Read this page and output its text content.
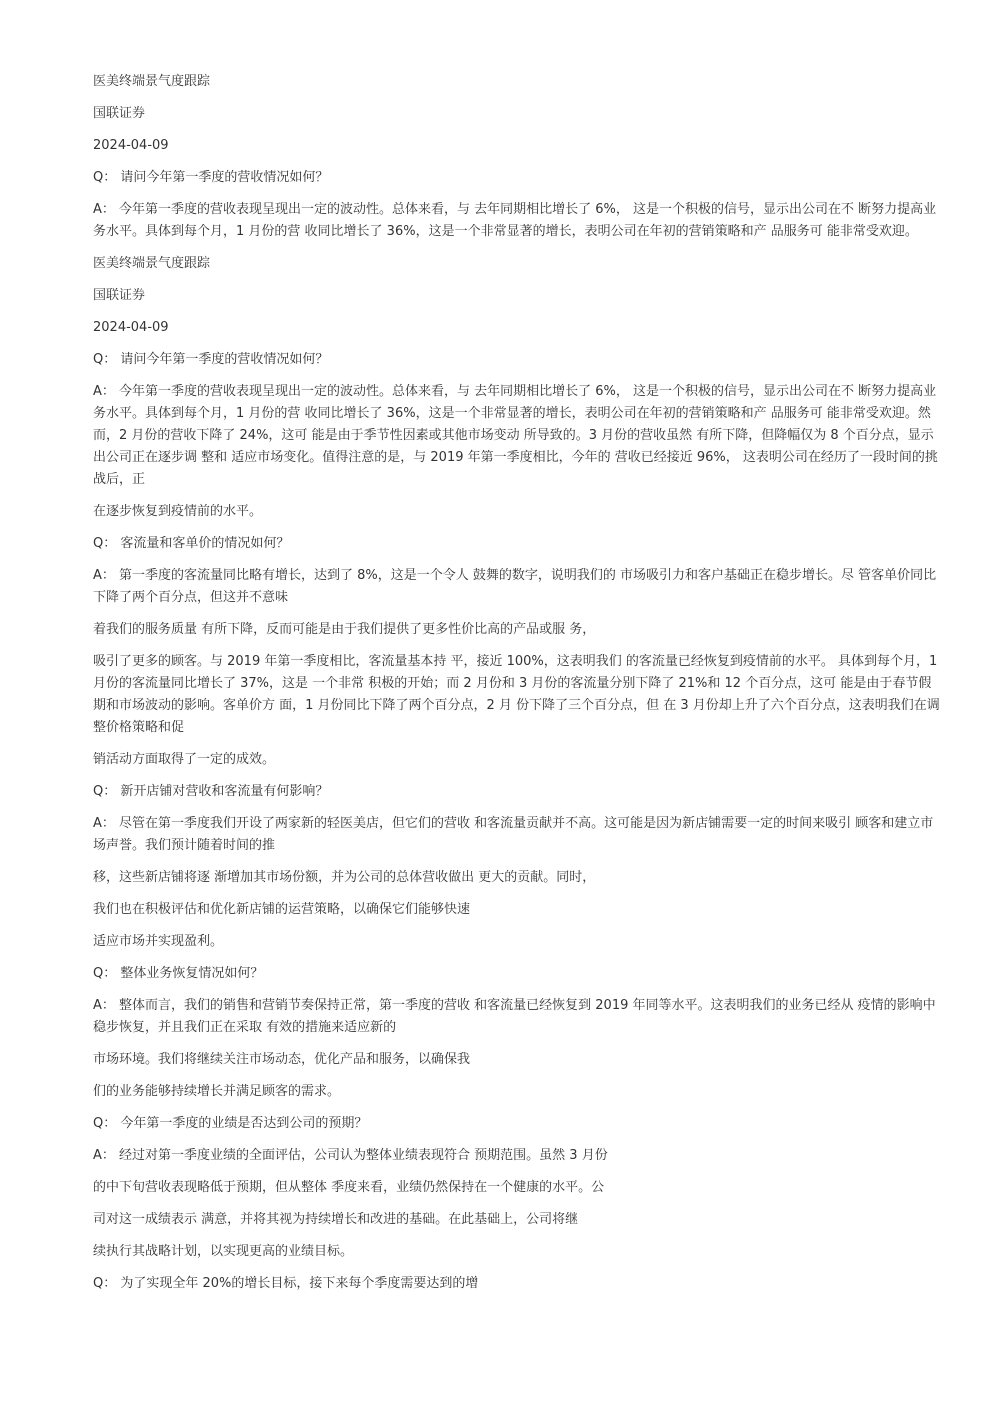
医美终端景气度跟踪

国联证券

2024-04-09

Q： 请问今年第一季度的营收情况如何？

A： 今年第一季度的营收表现呈现出一定的波动性。总体来看，与 去年同期相比增长了 6%， 这是一个积极的信号，显示出公司在不 断努力提高业务水平。具体到每个月，1 月份的营 收同比增长了 36%，这是一个非常显著的增长，表明公司在年初的营销策略和产 品服务可 能非常受欢迎。

医美终端景气度跟踪

国联证券

2024-04-09

Q： 请问今年第一季度的营收情况如何？

A： 今年第一季度的营收表现呈现出一定的波动性。总体来看，与 去年同期相比增长了 6%， 这是一个积极的信号，显示出公司在不 断努力提高业务水平。具体到每个月，1 月份的营 收同比增长了 36%，这是一个非常显著的增长，表明公司在年初的营销策略和产 品服务可 能非常受欢迎。然而，2 月份的营收下降了 24%，这可 能是由于季节性因素或其他市场变动 所导致的。3 月份的营收虽然 有所下降，但降幅仅为 8 个百分点，显示出公司正在逐步调 整和 适应市场变化。值得注意的是，与 2019 年第一季度相比，今年的 营收已经接近 96%， 这表明公司在经历了一段时间的挑战后，正

在逐步恢复到疫情前的水平。

Q： 客流量和客单价的情况如何？

A： 第一季度的客流量同比略有增长，达到了 8%，这是一个令人 鼓舞的数字，说明我们的 市场吸引力和客户基础正在稳步增长。尽 管客单价同比下降了两个百分点，但这并不意味

着我们的服务质量 有所下降，反而可能是由于我们提供了更多性价比高的产品或服 务，

吸引了更多的顾客。与 2019 年第一季度相比，客流量基本持 平，接近 100%，这表明我们 的客流量已经恢复到疫情前的水平。 具体到每个月，1 月份的客流量同比增长了 37%，这是 一个非常 积极的开始；而 2 月份和 3 月份的客流量分别下降了 21%和 12 个百分点，这可 能是由于春节假期和市场波动的影响。客单价方 面，1 月份同比下降了两个百分点，2 月 份下降了三个百分点，但 在 3 月份却上升了六个百分点，这表明我们在调整价格策略和促

销活动方面取得了一定的成效。

Q： 新开店铺对营收和客流量有何影响？

A： 尽管在第一季度我们开设了两家新的轻医美店，但它们的营收 和客流量贡献并不高。这可能是因为新店铺需要一定的时间来吸引 顾客和建立市场声誉。我们预计随着时间的推

移，这些新店铺将逐 渐增加其市场份额，并为公司的总体营收做出 更大的贡献。同时，

我们也在积极评估和优化新店铺的运营策略，以确保它们能够快速

适应市场并实现盈利。

Q： 整体业务恢复情况如何？

A： 整体而言，我们的销售和营销节奏保持正常，第一季度的营收 和客流量已经恢复到 2019 年同等水平。这表明我们的业务已经从 疫情的影响中稳步恢复，并且我们正在采取 有效的措施来适应新的

市场环境。我们将继续关注市场动态，优化产品和服务，以确保我

们的业务能够持续增长并满足顾客的需求。

Q： 今年第一季度的业绩是否达到公司的预期？

A： 经过对第一季度业绩的全面评估，公司认为整体业绩表现符合 预期范围。虽然 3 月份

的中下旬营收表现略低于预期，但从整体 季度来看，业绩仍然保持在一个健康的水平。公

司对这一成绩表示 满意，并将其视为持续增长和改进的基础。在此基础上，公司将继

续执行其战略计划，以实现更高的业绩目标。

Q： 为了实现全年 20%的增长目标，接下来每个季度需要达到的增
